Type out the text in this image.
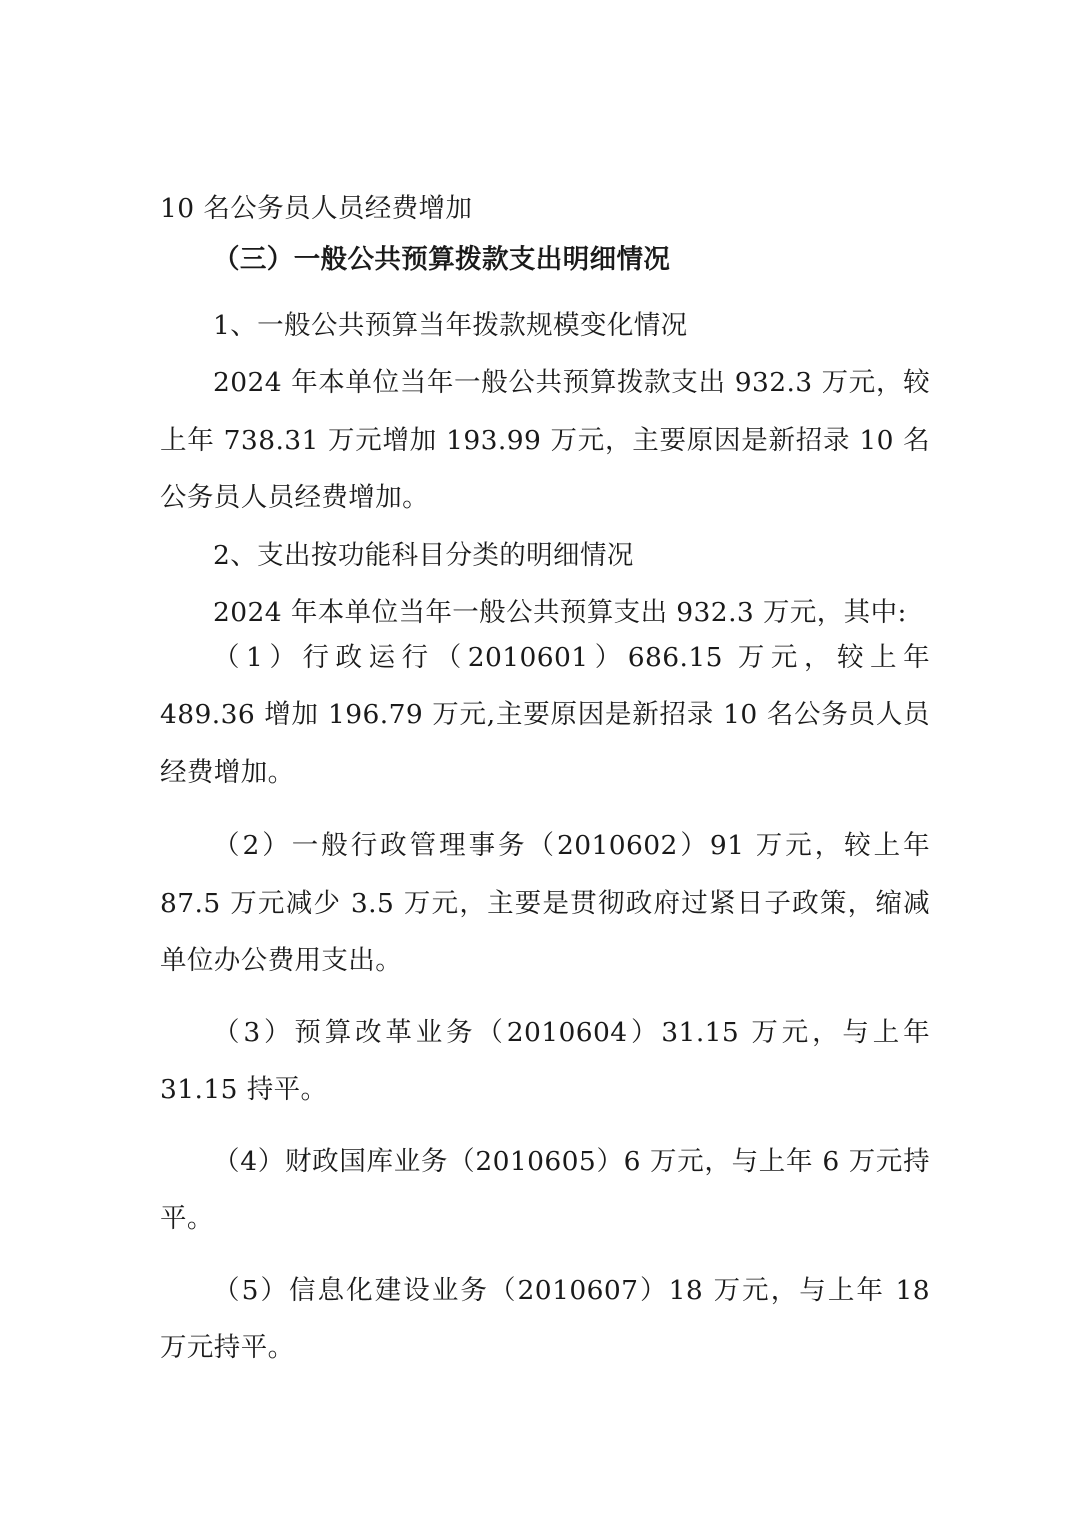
10 名公务员人员经费增加

（三）一般公共预算拨款支出明细情况

1、一般公共预算当年拨款规模变化情况

2024 年本单位当年一般公共预算拨款支出 932.3 万元，较上年 738.31 万元增加 193.99 万元，主要原因是新招录 10 名公务员人员经费增加。

2、支出按功能科目分类的明细情况

2024 年本单位当年一般公共预算支出 932.3 万元，其中:

（1）行政运行（2010601）686.15 万元，较上年 489.36 增加 196.79 万元,主要原因是新招录 10 名公务员人员经费增加。

（2）一般行政管理事务（2010602）91 万元，较上年 87.5 万元减少 3.5 万元，主要是贯彻政府过紧日子政策，缩减单位办公费用支出。

（3）预算改革业务（2010604）31.15 万元，与上年 31.15 持平。

（4）财政国库业务（2010605）6 万元，与上年 6 万元持平。

（5）信息化建设业务（2010607）18 万元，与上年 18 万元持平。
